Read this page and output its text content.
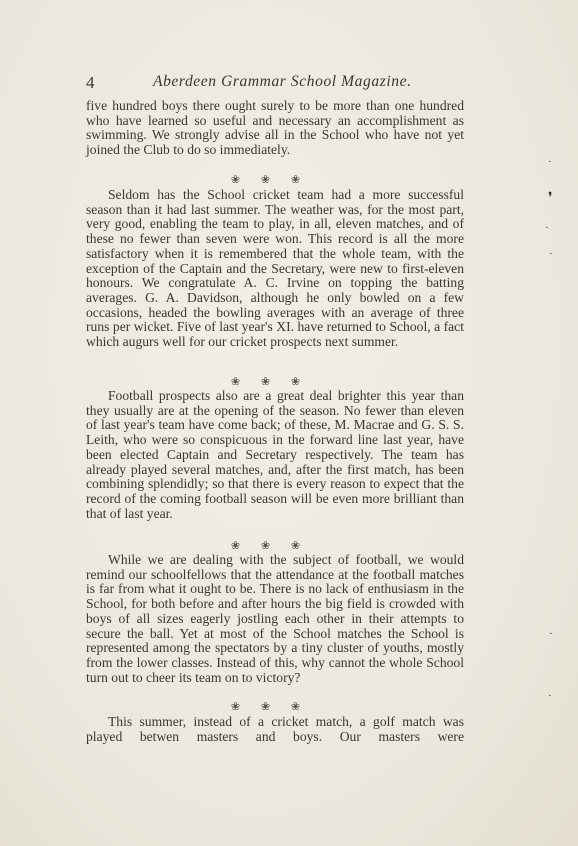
4	Aberdeen Grammar School Magazine.
five hundred boys there ought surely to be more than one hundred who have learned so useful and necessary an accomplishment as swimming. We strongly advise all in the School who have not yet joined the Club to do so immediately.
❀ ❀ ❀
Seldom has the School cricket team had a more successful season than it had last summer. The weather was, for the most part, very good, enabling the team to play, in all, eleven matches, and of these no fewer than seven were won. This record is all the more satisfactory when it is remembered that the whole team, with the exception of the Captain and the Secretary, were new to first-eleven honours. We congratulate A. C. Irvine on topping the batting averages. G. A. Davidson, although he only bowled on a few occasions, headed the bowling averages with an average of three runs per wicket. Five of last year's XI. have returned to School, a fact which augurs well for our cricket prospects next summer.
❀ ❀ ❀
Football prospects also are a great deal brighter this year than they usually are at the opening of the season. No fewer than eleven of last year's team have come back; of these, M. Macrae and G. S. S. Leith, who were so conspicuous in the forward line last year, have been elected Captain and Secretary respectively. The team has already played several matches, and, after the first match, has been combining splendidly; so that there is every reason to expect that the record of the coming football season will be even more brilliant than that of last year.
❀ ❀ ❀
While we are dealing with the subject of football, we would remind our schoolfellows that the attendance at the football matches is far from what it ought to be. There is no lack of enthusiasm in the School, for both before and after hours the big field is crowded with boys of all sizes eagerly jostling each other in their attempts to secure the ball. Yet at most of the School matches the School is represented among the spectators by a tiny cluster of youths, mostly from the lower classes. Instead of this, why cannot the whole School turn out to cheer its team on to victory?
❀ ❀ ❀
This summer, instead of a cricket match, a golf match was played betwen masters and boys. Our masters were
·
❜
·
·
·
·
